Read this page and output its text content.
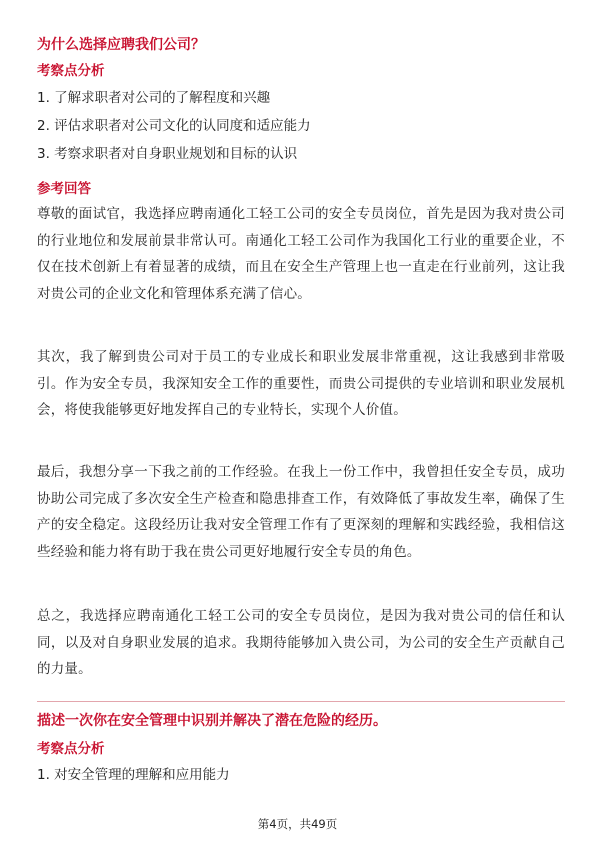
为什么选择应聘我们公司？
考察点分析
1. 了解求职者对公司的了解程度和兴趣
2. 评估求职者对公司文化的认同度和适应能力
3. 考察求职者对自身职业规划和目标的认识
参考回答
尊敬的面试官，我选择应聘南通化工轻工公司的安全专员岗位，首先是因为我对贵公司的行业地位和发展前景非常认可。南通化工轻工公司作为我国化工行业的重要企业，不仅在技术创新上有着显著的成绩，而且在安全生产管理上也一直走在行业前列，这让我对贵公司的企业文化和管理体系充满了信心。
其次，我了解到贵公司对于员工的专业成长和职业发展非常重视，这让我感到非常吸引。作为安全专员，我深知安全工作的重要性，而贵公司提供的专业培训和职业发展机会，将使我能够更好地发挥自己的专业特长，实现个人价值。
最后，我想分享一下我之前的工作经验。在我上一份工作中，我曾担任安全专员，成功协助公司完成了多次安全生产检查和隐患排查工作，有效降低了事故发生率，确保了生产的安全稳定。这段经历让我对安全管理工作有了更深刻的理解和实践经验，我相信这些经验和能力将有助于我在贵公司更好地履行安全专员的角色。
总之，我选择应聘南通化工轻工公司的安全专员岗位，是因为我对贵公司的信任和认同，以及对自身职业发展的追求。我期待能够加入贵公司，为公司的安全生产贡献自己的力量。
描述一次你在安全管理中识别并解决了潜在危险的经历。
考察点分析
1. 对安全管理的理解和应用能力
第4页，共49页
